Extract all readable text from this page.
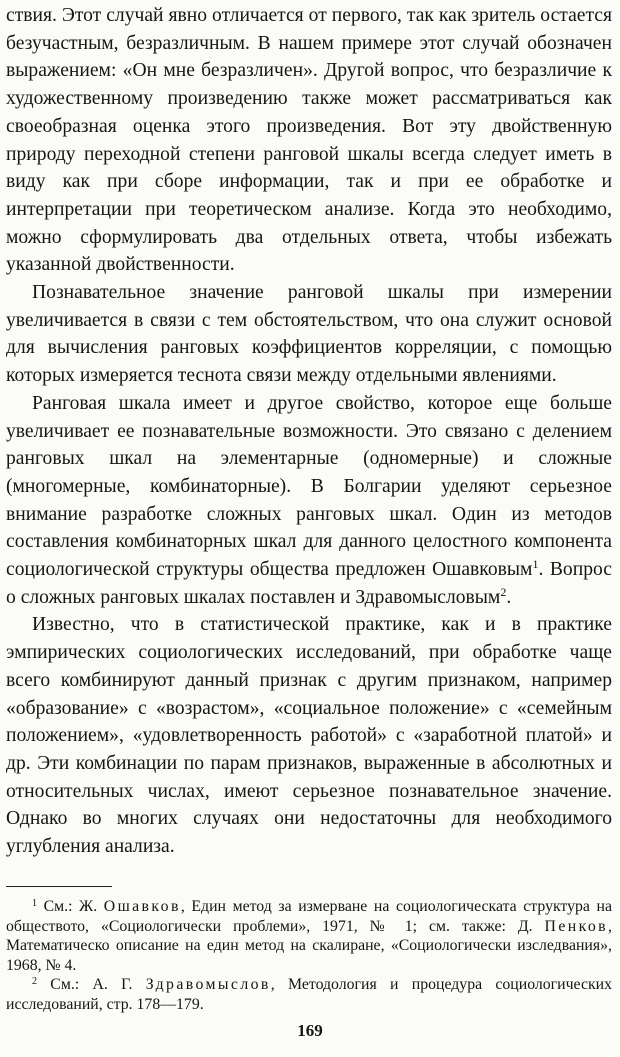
ствия. Этот случай явно отличается от первого, так как зритель остается безучастным, безразличным. В нашем примере этот случай обозначен выражением: «Он мне безразличен». Другой вопрос, что безразличие к художественному произведению также может рассматриваться как своеобразная оценка этого произведения. Вот эту двойственную природу переходной степени ранговой шкалы всегда следует иметь в виду как при сборе информации, так и при ее обработке и интерпретации при теоретическом анализе. Когда это необходимо, можно сформулировать два отдельных ответа, чтобы избежать указанной двойственности.

Познавательное значение ранговой шкалы при измерении увеличивается в связи с тем обстоятельством, что она служит основой для вычисления ранговых коэффициентов корреляции, с помощью которых измеряется теснота связи между отдельными явлениями.

Ранговая шкала имеет и другое свойство, которое еще больше увеличивает ее познавательные возможности. Это связано с делением ранговых шкал на элементарные (одномерные) и сложные (многомерные, комбинаторные). В Болгарии уделяют серьезное внимание разработке сложных ранговых шкал. Один из методов составления комбинаторных шкал для данного целостного компонента социологической структуры общества предложен Ошавковым$^1$. Вопрос о сложных ранговых шкалах поставлен и Здравомысловым$^2$.

Известно, что в статистической практике, как и в практике эмпирических социологических исследований, при обработке чаще всего комбинируют данный признак с другим признаком, например «образование» с «возрастом», «социальное положение» с «семейным положением», «удовлетворенность работой» с «заработной платой» и др. Эти комбинации по парам признаков, выраженные в абсолютных и относительных числах, имеют серьезное познавательное значение. Однако во многих случаях они недостаточны для необходимого углубления анализа.

$^1$ См.: Ж. Ошавков, Един метод за измерване на социологическата структура на обществото, «Социологически проблеми», 1971, № 1; см. также: Д. Пенков, Математическо описание на един метод на скалиране, «Социологически изследвания», 1968, № 4.

$^2$ См.: А. Г. Здравомыслов, Методология и процедура социологических исследований, стр. 178—179.

169
